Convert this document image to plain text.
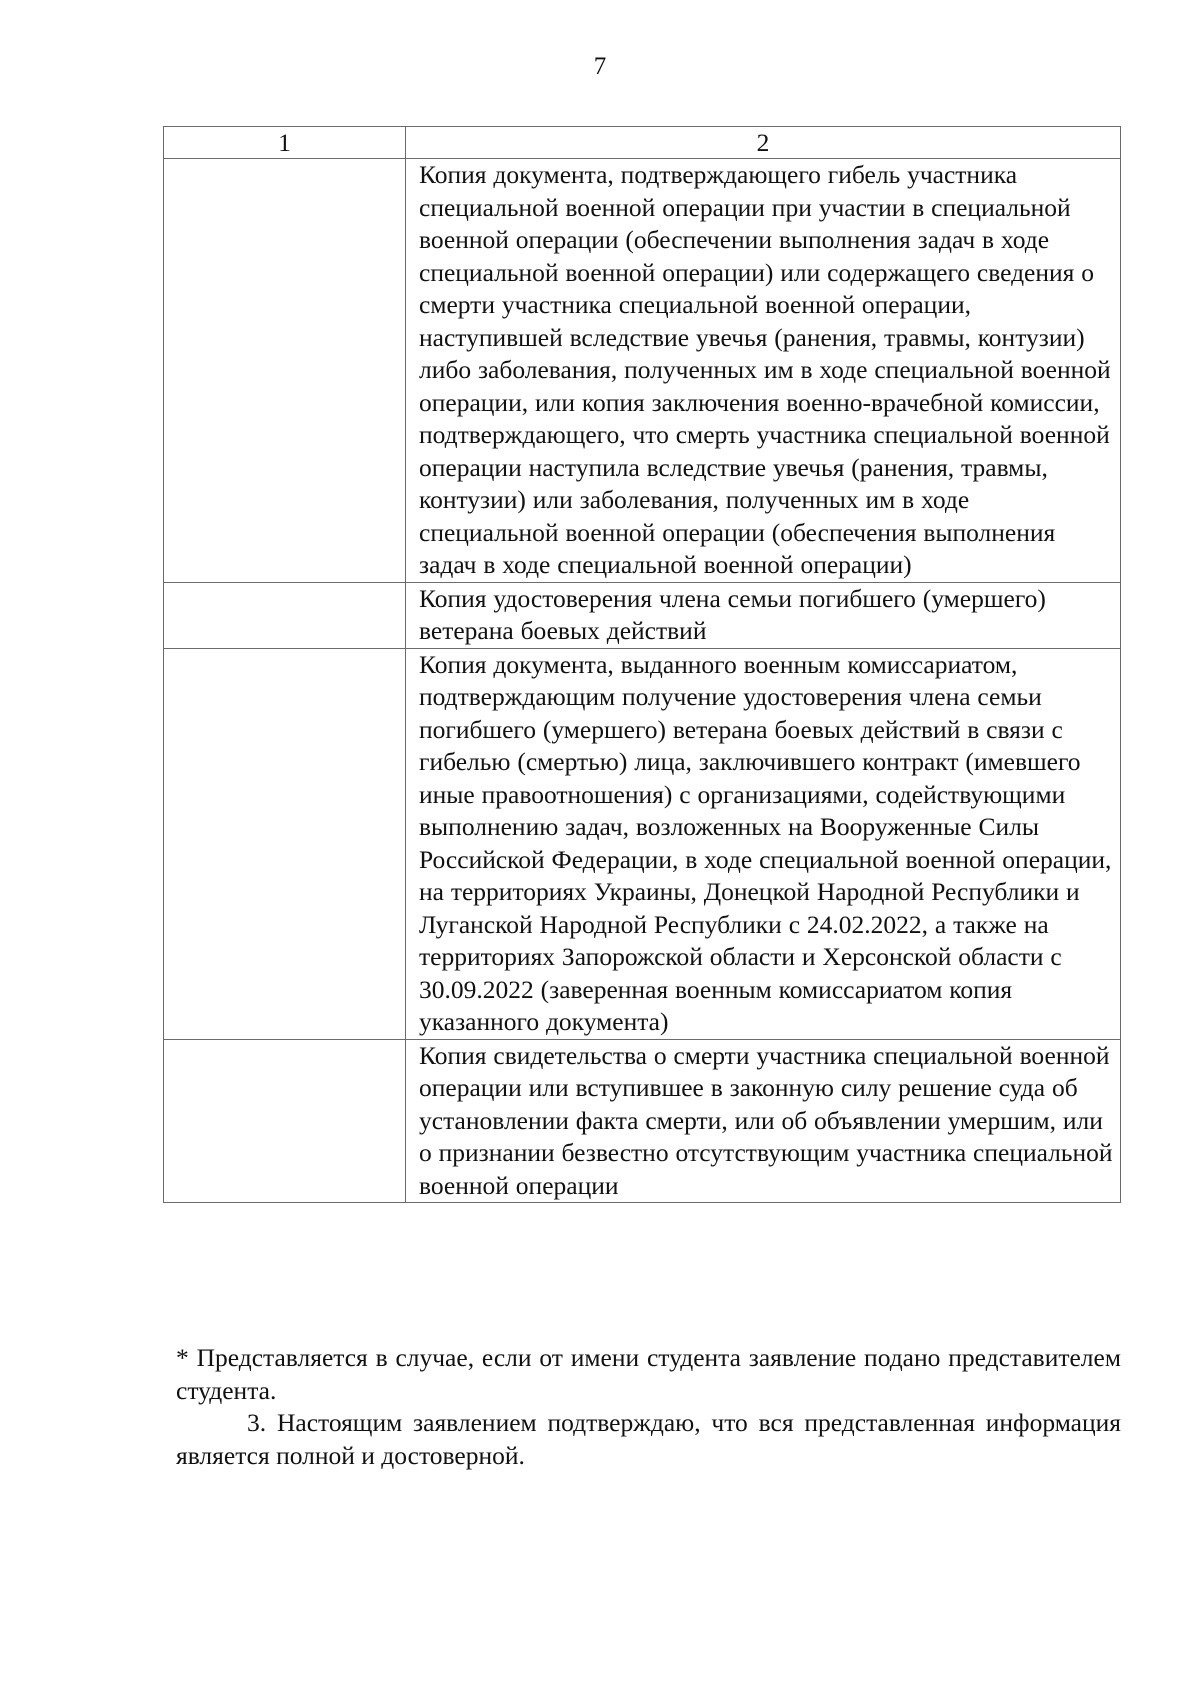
7
1	2
	Копия документа, подтверждающего гибель участника специальной военной операции при участии в специальной военной операции (обеспечении выполнения задач в ходе специальной военной операции) или содержащего сведения о смерти участника специальной военной операции, наступившей вследствие увечья (ранения, травмы, контузии) либо заболевания, полученных им в ходе специальной военной операции, или копия заключения военно-врачебной комиссии, подтверждающего, что смерть участника специальной военной операции наступила вследствие увечья (ранения, травмы, контузии) или заболевания, полученных им в ходе специальной военной операции (обеспечения выполнения задач в ходе специальной военной операции)
	Копия удостоверения члена семьи погибшего (умершего) ветерана боевых действий
	Копия документа, выданного военным комиссариатом, подтверждающим получение удостоверения члена семьи погибшего (умершего) ветерана боевых действий в связи с гибелью (смертью) лица, заключившего контракт (имевшего иные правоотношения) с организациями, содействующими выполнению задач, возложенных на Вооруженные Силы Российской Федерации, в ходе специальной военной операции, на территориях Украины, Донецкой Народной Республики и Луганской Народной Республики с 24.02.2022, а также на территориях Запорожской области и Херсонской области с 30.09.2022 (заверенная военным комиссариатом копия указанного документа)
	Копия свидетельства о смерти участника специальной военной операции или вступившее в законную силу решение суда об установлении факта смерти, или об объявлении умершим, или о признании безвестно отсутствующим участника специальной военной операции
* Представляется в случае, если от имени студента заявление подано представителем студента.
3. Настоящим заявлением подтверждаю, что вся представленная информация является полной и достоверной.
